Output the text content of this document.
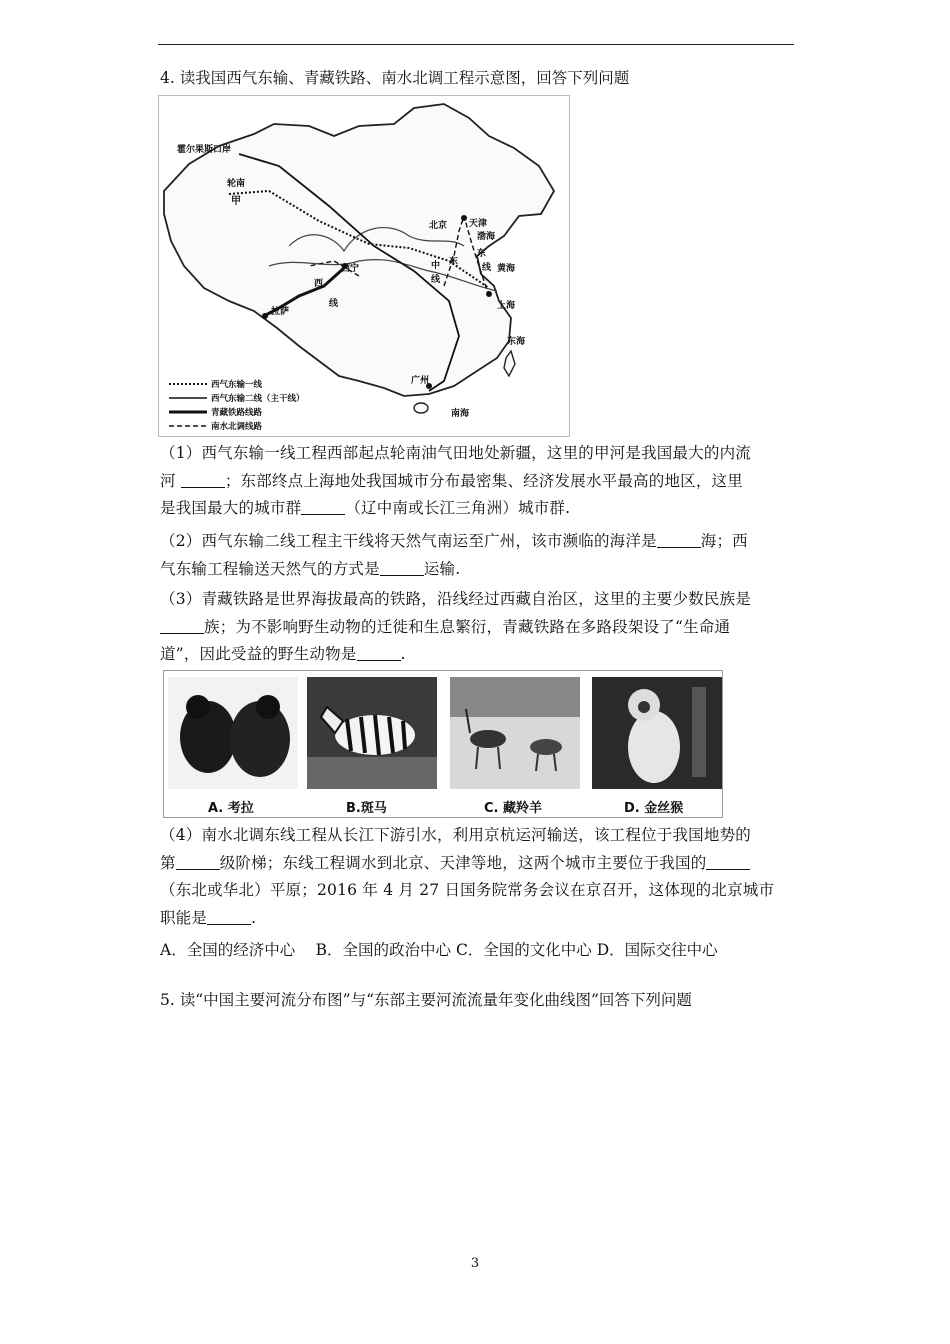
4. 读我国西气东输、青藏铁路、南水北调工程示意图，回答下列问题
霍尔果斯口岸
轮南
甲
北京 天津
渤海
西宁
拉萨
黄海
上海
东海
广州
南海
中
线
东
西
线
东
线
西气东输一线
西气东输二线（主干线）
青藏铁路线路
南水北调线路
（1）西气东输一线工程西部起点轮南油气田地处新疆，这里的甲河是我国最大的内流
河	；东部终点上海地处我国城市分布最密集、经济发展水平最高的地区，这里
是我国最大的城市群	（辽中南或长江三角洲）城市群.
（2）西气东输二线工程主干线将天然气南运至广州，该市濒临的海洋是	海；西
气东输工程输送天然气的方式是	运输.
（3）青藏铁路是世界海拔最高的铁路，沿线经过西藏自治区，这里的主要少数民族是
族；为不影响野生动物的迁徙和生息繁衍，青藏铁路在多路段架设了“生命通
道”，因此受益的野生动物是	.
A. 考拉	B.斑马	C. 藏羚羊	D. 金丝猴
（4）南水北调东线工程从长江下游引水，利用京杭运河输送，该工程位于我国地势的
第	级阶梯；东线工程调水到北京、天津等地，这两个城市主要位于我国的
（东北或华北）平原；2016 年 4 月 27 日国务院常务会议在京召开，这体现的北京城市
职能是	.
A．全国的经济中心　 B．全国的政治中心 C．全国的文化中心 D．国际交往中心
5. 读“中国主要河流分布图”与“东部主要河流流量年变化曲线图”回答下列问题
3
